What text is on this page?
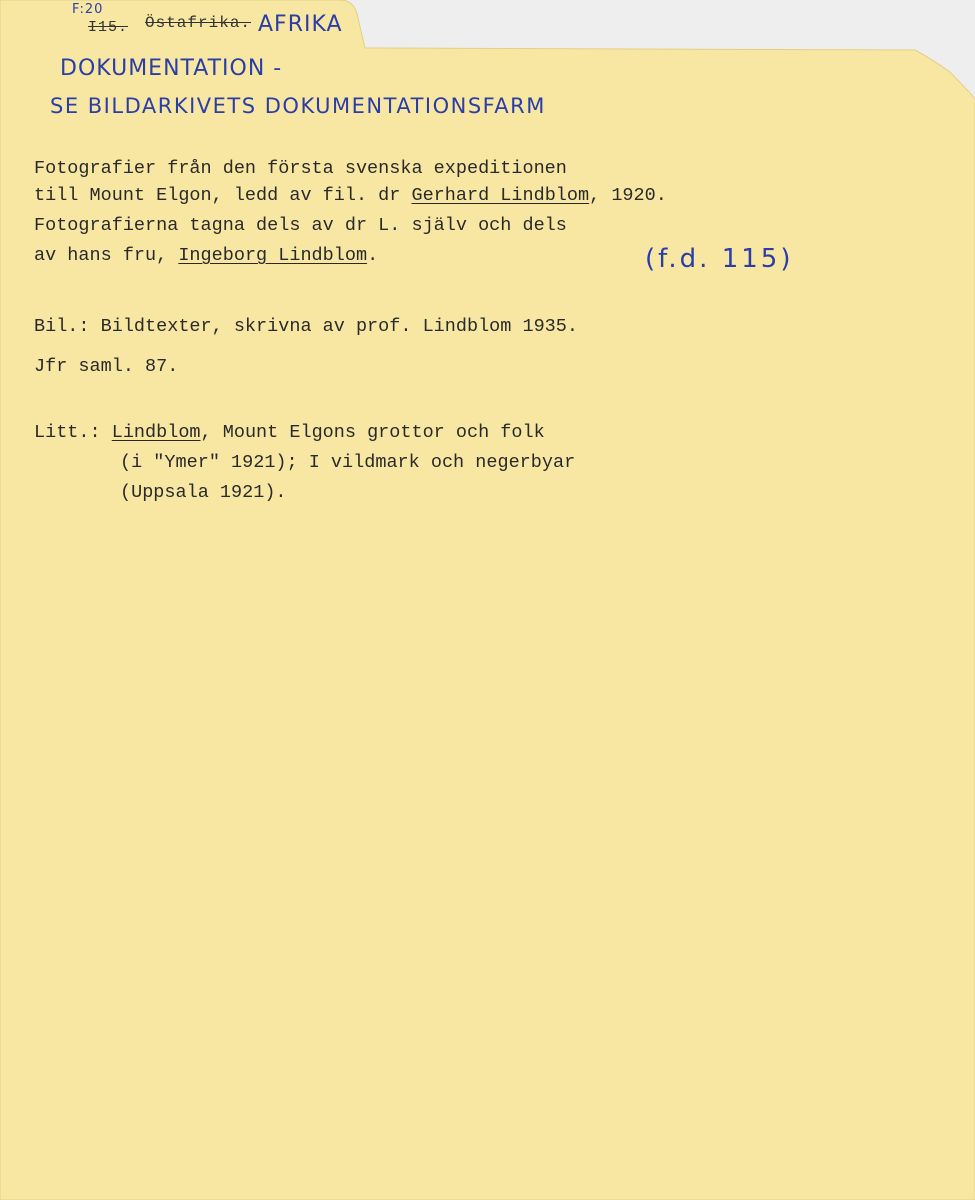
F:20
I15. Östafrika. AFRIKA
DOKUMENTATION -
SE BILDARKIVETS DOKUMENTATIONSFARM
Fotografier från den första svenska expeditionen
till Mount Elgon, ledd av fil. dr Gerhard Lindblom, 1920.
Fotografierna tagna dels av dr L. själv och dels
av hans fru, Ingeborg Lindblom.	(f.d. 115)
Bil.: Bildtexter, skrivna av prof. Lindblom 1935.
Jfr saml. 87.
Litt.: Lindblom, Mount Elgons grottor och folk
(i "Ymer" 1921); I vildmark och negerbyar
(Uppsala 1921).
